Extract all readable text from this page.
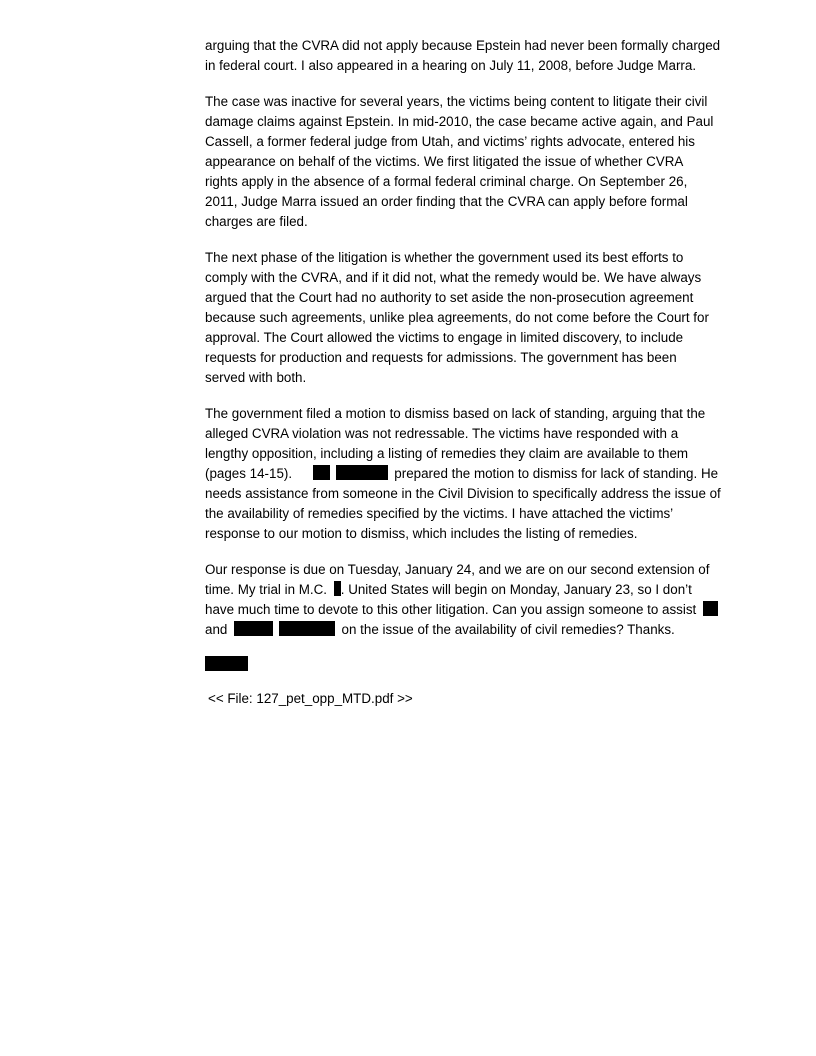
arguing that the CVRA did not apply because Epstein had never been formally charged
in federal court. I also appeared in a hearing on July 11, 2008, before Judge Marra.

The case was inactive for several years, the victims being content to litigate their civil
damage claims against Epstein. In mid-2010, the case became active again, and Paul
Cassell, a former federal judge from Utah, and victims’ rights advocate, entered his
appearance on behalf of the victims. We first litigated the issue of whether CVRA
rights apply in the absence of a formal federal criminal charge. On September 26,
2011, Judge Marra issued an order finding that the CVRA can apply before formal
charges are filed.

The next phase of the litigation is whether the government used its best efforts to
comply with the CVRA, and if it did not, what the remedy would be. We have always
argued that the Court had no authority to set aside the non-prosecution agreement
because such agreements, unlike plea agreements, do not come before the Court for
approval. The Court allowed the victims to engage in limited discovery, to include
requests for production and requests for admissions. The government has been
served with both.

The government filed a motion to dismiss based on lack of standing, arguing that the
alleged CVRA violation was not redressable. The victims have responded with a
lengthy opposition, including a listing of remedies they claim are available to them
(pages 14-15).	prepared the motion to dismiss for lack of standing. He
needs assistance from someone in the Civil Division to specifically address the issue of
the availability of remedies specified by the victims. I have attached the victims’
response to our motion to dismiss, which includes the listing of remedies.

Our response is due on Tuesday, January 24, and we are on our second extension of
time. My trial in M.C. . United States will begin on Monday, January 23, so I don’t
have much time to devote to this other litigation. Can you assign someone to assist
and	on the issue of the availability of civil remedies? Thanks.

<< File: 127_pet_opp_MTD.pdf >>
